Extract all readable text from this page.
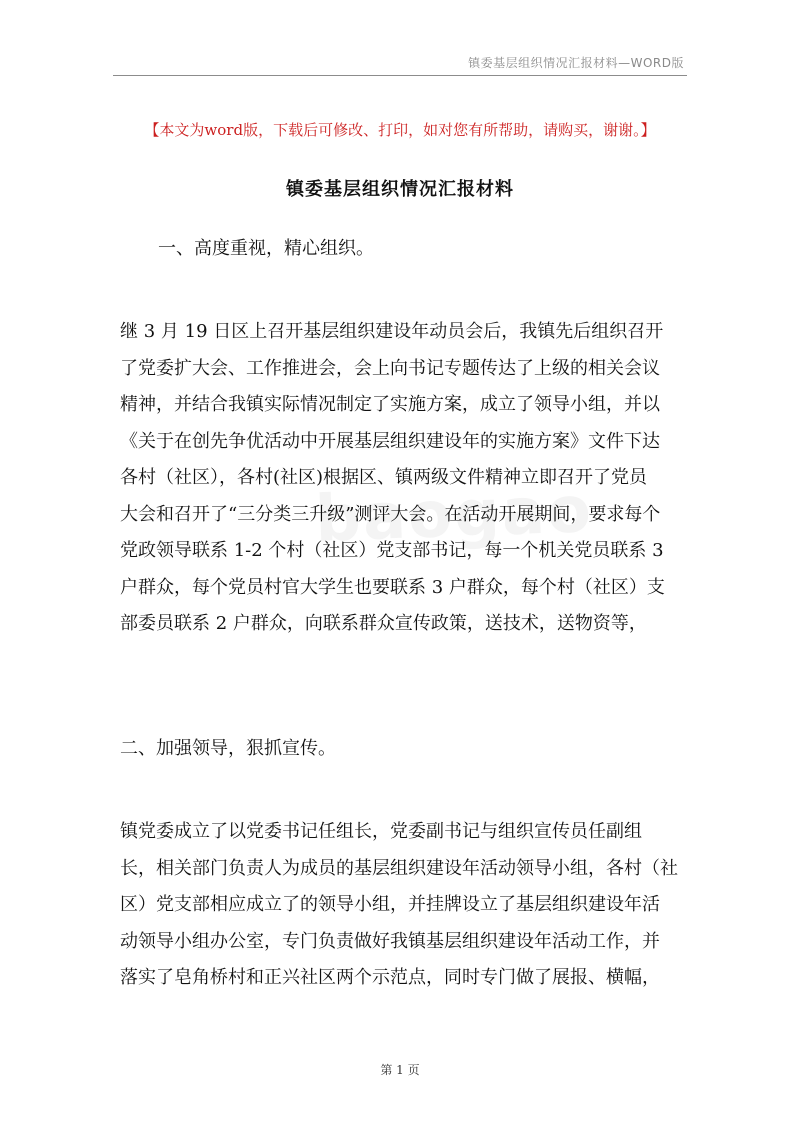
镇委基层组织情况汇报材料—WORD版
【本文为word版，下载后可修改、打印，如对您有所帮助，请购买，谢谢。】
镇委基层组织情况汇报材料
一、高度重视，精心组织。
继 3 月 19 日区上召开基层组织建设年动员会后，我镇先后组织召开
了党委扩大会、工作推进会，会上向书记专题传达了上级的相关会议
精神，并结合我镇实际情况制定了实施方案，成立了领导小组，并以
《关于在创先争优活动中开展基层组织建设年的实施方案》文件下达
各村（社区），各村(社区)根据区、镇两级文件精神立即召开了党员
大会和召开了“三分类三升级”测评大会。在活动开展期间，要求每个
党政领导联系 1-2 个村（社区）党支部书记，每一个机关党员联系 3
户群众，每个党员村官大学生也要联系 3 户群众，每个村（社区）支
部委员联系 2 户群众，向联系群众宣传政策，送技术，送物资等，
二、加强领导，狠抓宣传。
镇党委成立了以党委书记任组长，党委副书记与组织宣传员任副组
长，相关部门负责人为成员的基层组织建设年活动领导小组，各村（社
区）党支部相应成立了的领导小组，并挂牌设立了基层组织建设年活
动领导小组办公室，专门负责做好我镇基层组织建设年活动工作，并
落实了皂角桥村和正兴社区两个示范点，同时专门做了展报、横幅，
第 1 页
